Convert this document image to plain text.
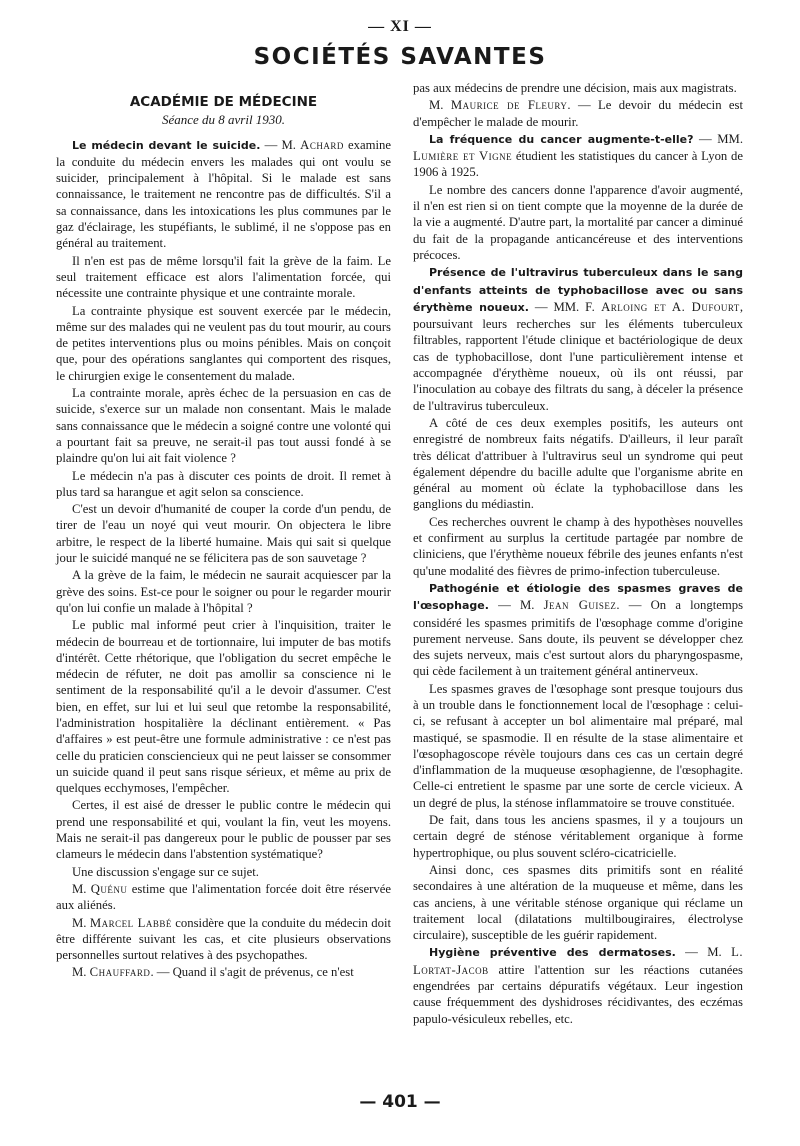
— XI —
SOCIÉTÉS SAVANTES
ACADÉMIE DE MÉDECINE
Séance du 8 avril 1930.

Le médecin devant le suicide. — M. Achard examine la conduite du médecin envers les malades qui ont voulu se suicider, principalement à l'hôpital. Si le malade est sans connaissance, le traitement ne rencontre pas de difficultés. S'il a sa connaissance, dans les intoxications les plus communes par le gaz d'éclairage, les stupéfiants, le sublimé, il ne s'oppose pas en général au traitement.

Il n'en est pas de même lorsqu'il fait la grève de la faim. Le seul traitement efficace est alors l'alimentation forcée, qui nécessite une contrainte physique et une contrainte morale.

La contrainte physique est souvent exercée par le médecin, même sur des malades qui ne veulent pas du tout mourir, au cours de petites interventions plus ou moins pénibles. Mais on conçoit que, pour des opérations sanglantes qui comportent des risques, le chirurgien exige le consentement du malade.

La contrainte morale, après échec de la persuasion en cas de suicide, s'exerce sur un malade non consentant. Mais le malade sans connaissance que le médecin a soigné contre une volonté qui a pourtant fait sa preuve, ne serait-il pas tout aussi fondé à se plaindre qu'on lui ait fait violence ?

Le médecin n'a pas à discuter ces points de droit. Il remet à plus tard sa harangue et agit selon sa conscience.

C'est un devoir d'humanité de couper la corde d'un pendu, de tirer de l'eau un noyé qui veut mourir. On objectera le libre arbitre, le respect de la liberté humaine. Mais qui sait si quelque jour le suicidé manqué ne se félicitera pas de son sauvetage ?

A la grève de la faim, le médecin ne saurait acquiescer par la grève des soins. Est-ce pour le soigner ou pour le regarder mourir qu'on lui confie un malade à l'hôpital ?

Le public mal informé peut crier à l'inquisition, traiter le médecin de bourreau et de tortionnaire, lui imputer de bas motifs d'intérêt. Cette rhétorique, que l'obligation du secret empêche le médecin de réfuter, ne doit pas amollir sa conscience ni le sentiment de la responsabilité qu'il a le devoir d'assumer. C'est bien, en effet, sur lui et lui seul que retombe la responsabilité, l'administration hospitalière la déclinant entièrement. « Pas d'affaires » est peut-être une formule administrative : ce n'est pas celle du praticien consciencieux qui ne peut laisser se consommer un suicide quand il peut sans risque sérieux, et même au prix de quelques ecchymoses, l'empêcher.

Certes, il est aisé de dresser le public contre le médecin qui prend une responsabilité et qui, voulant la fin, veut les moyens. Mais ne serait-il pas dangereux pour le public de pousser par ses clameurs le médecin dans l'abstention systématique?

Une discussion s'engage sur ce sujet.

M. Quénu estime que l'alimentation forcée doit être réservée aux aliénés.

M. Marcel Labbé considère que la conduite du médecin doit être différente suivant les cas, et cite plusieurs observations personnelles surtout relatives à des psychopathes.

M. Chauffard. — Quand il s'agit de prévenus, ce n'est

pas aux médecins de prendre une décision, mais aux magistrats.

M. Maurice de Fleury. — Le devoir du médecin est d'empêcher le malade de mourir.

La fréquence du cancer augmente-t-elle? — MM. Lumière et Vigne étudient les statistiques du cancer à Lyon de 1906 à 1925.

Le nombre des cancers donne l'apparence d'avoir augmenté, il n'en est rien si on tient compte que la moyenne de la durée de la vie a augmenté. D'autre part, la mortalité par cancer a diminué du fait de la propagande anticancéreuse et des interventions précoces.

Présence de l'ultravirus tuberculeux dans le sang d'enfants atteints de typhobacillose avec ou sans érythème noueux. — MM. F. Arloing et A. Dufourt, poursuivant leurs recherches sur les éléments tuberculeux filtrables, rapportent l'étude clinique et bactériologique de deux cas de typhobacillose, dont l'une particulièrement intense et accompagnée d'érythème noueux, où ils ont réussi, par l'inoculation au cobaye des filtrats du sang, à déceler la présence de l'ultravirus tuberculeux.

A côté de ces deux exemples positifs, les auteurs ont enregistré de nombreux faits négatifs. D'ailleurs, il leur paraît très délicat d'attribuer à l'ultravirus seul un syndrome qui peut également dépendre du bacille adulte que l'organisme abrite en général au moment où éclate la typhobacillose dans les ganglions du médiastin.

Ces recherches ouvrent le champ à des hypothèses nouvelles et confirment au surplus la certitude partagée par nombre de cliniciens, que l'érythème noueux fébrile des jeunes enfants n'est qu'une modalité des fièvres de primo-infection tuberculeuse.

Pathogénie et étiologie des spasmes graves de l'œsophage. — M. Jean Guisez. — On a longtemps considéré les spasmes primitifs de l'œsophage comme d'origine purement nerveuse. Sans doute, ils peuvent se développer chez des sujets nerveux, mais c'est surtout alors du pharyngospasme, qui cède facilement à un traitement général antinerveux.

Les spasmes graves de l'œsophage sont presque toujours dus à un trouble dans le fonctionnement local de l'œsophage : celui-ci, se refusant à accepter un bol alimentaire mal préparé, mal mastiqué, se spasmodie. Il en résulte de la stase alimentaire et l'œsophagoscope révèle toujours dans ces cas un certain degré d'inflammation de la muqueuse œsophagienne, de l'œsophagite. Celle-ci entretient le spasme par une sorte de cercle vicieux. A un degré de plus, la sténose inflammatoire se trouve constituée.

De fait, dans tous les anciens spasmes, il y a toujours un certain degré de sténose véritablement organique à forme hypertrophique, ou plus souvent scléro-cicatricielle.

Ainsi donc, ces spasmes dits primitifs sont en réalité secondaires à une altération de la muqueuse et même, dans les cas anciens, à une véritable sténose organique qui réclame un traitement local (dilatations multilbougiraires, électrolyse circulaire), susceptible de les guérir rapidement.

Hygiène préventive des dermatoses. — M. L. Lortat-Jacob attire l'attention sur les réactions cutanées engendrées par certains dépuratifs végétaux. Leur ingestion cause fréquemment des dyshidroses récidivantes, des eczémas papulo-vésiculeux rebelles, etc.

— 401 —
